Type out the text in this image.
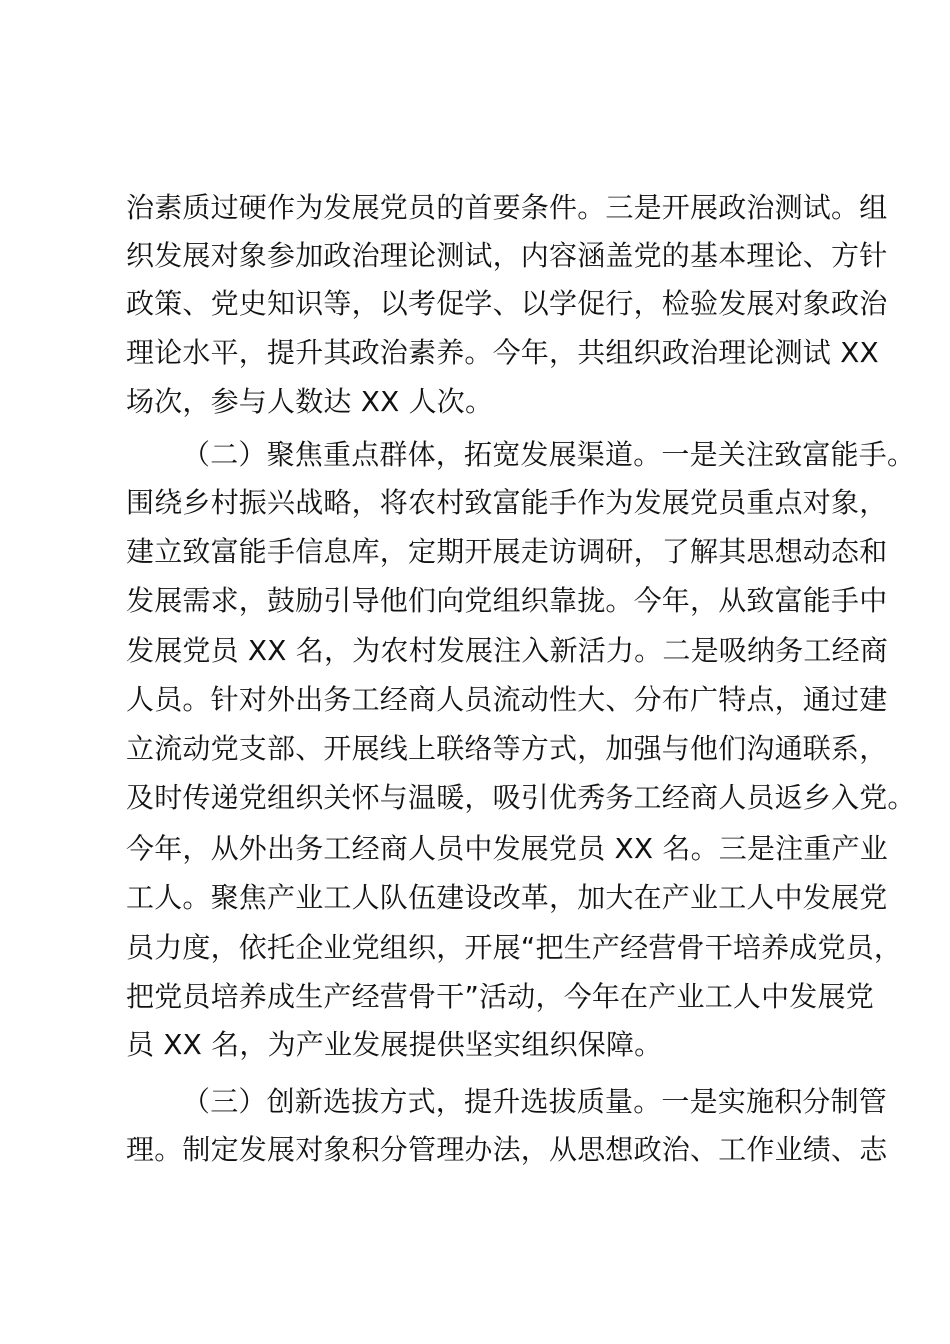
治素质过硬作为发展党员的首要条件。三是开展政治测试。组
织发展对象参加政治理论测试，内容涵盖党的基本理论、方针
政策、党史知识等，以考促学、以学促行，检验发展对象政治
理论水平，提升其政治素养。今年，共组织政治理论测试 XX
场次，参与人数达 XX 人次。
（二）聚焦重点群体，拓宽发展渠道。一是关注致富能手。
围绕乡村振兴战略，将农村致富能手作为发展党员重点对象，
建立致富能手信息库，定期开展走访调研，了解其思想动态和
发展需求，鼓励引导他们向党组织靠拢。今年，从致富能手中
发展党员 XX 名，为农村发展注入新活力。二是吸纳务工经商
人员。针对外出务工经商人员流动性大、分布广特点，通过建
立流动党支部、开展线上联络等方式，加强与他们沟通联系，
及时传递党组织关怀与温暖，吸引优秀务工经商人员返乡入党。
今年，从外出务工经商人员中发展党员 XX 名。三是注重产业
工人。聚焦产业工人队伍建设改革，加大在产业工人中发展党
员力度，依托企业党组织，开展“把生产经营骨干培养成党员，
把党员培养成生产经营骨干”活动，今年在产业工人中发展党
员 XX 名，为产业发展提供坚实组织保障。
（三）创新选拔方式，提升选拔质量。一是实施积分制管
理。制定发展对象积分管理办法，从思想政治、工作业绩、志
